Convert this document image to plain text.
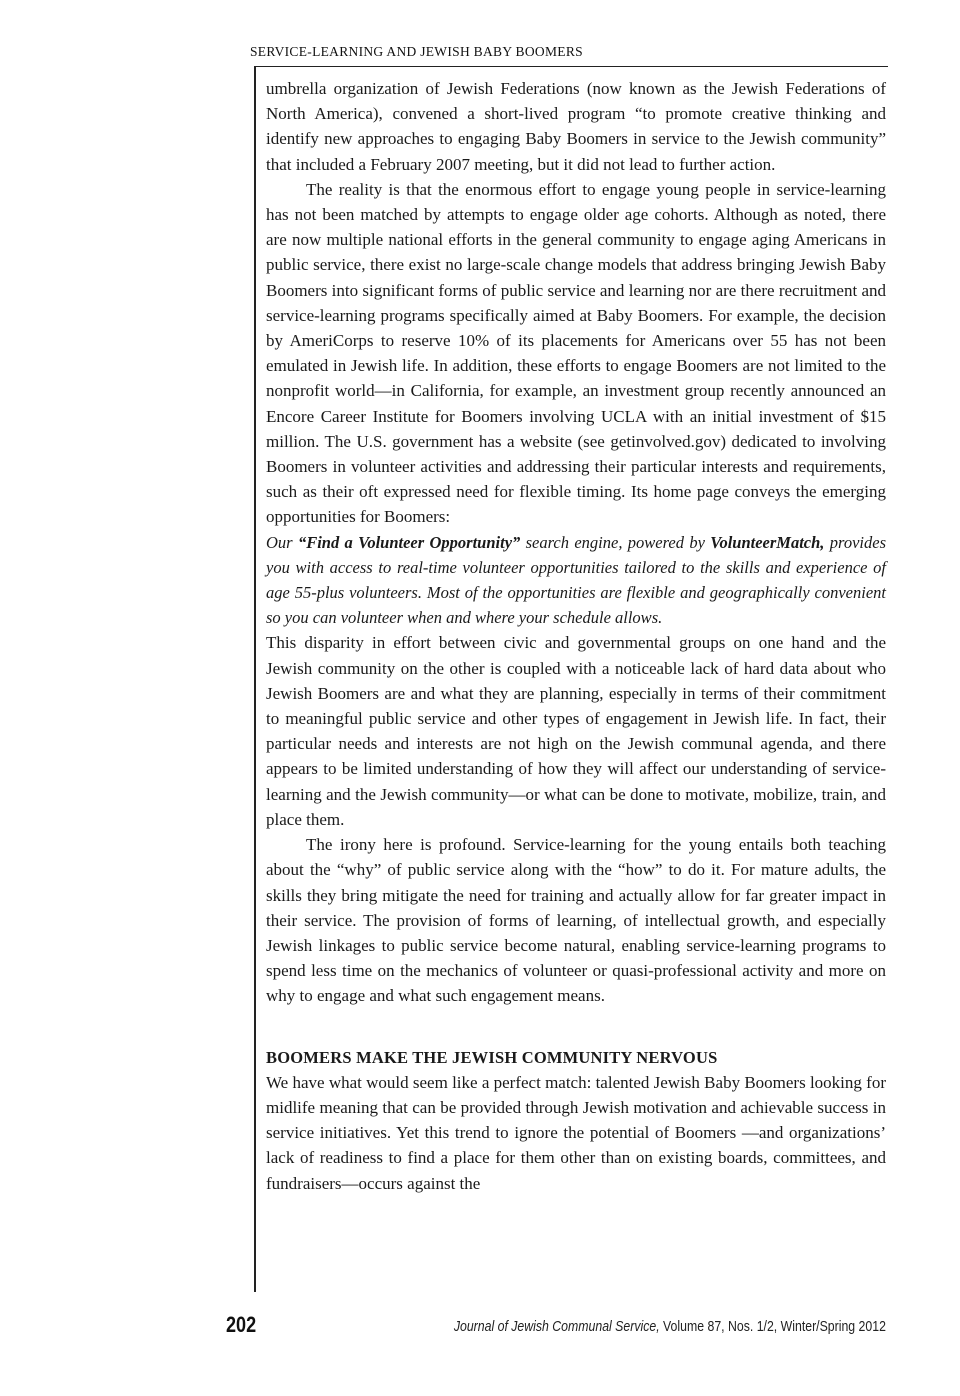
SERVICE-LEARNING AND JEWISH BABY BOOMERS

umbrella organization of Jewish Federations (now known as the Jewish Federations of North America), convened a short-lived program “to promote creative thinking and identify new approaches to engaging Baby Boomers in service to the Jewish community” that included a February 2007 meeting, but it did not lead to further action.

The reality is that the enormous effort to engage young people in service-learning has not been matched by attempts to engage older age cohorts. Although as noted, there are now multiple national efforts in the general community to engage aging Americans in public service, there exist no large-scale change models that address bringing Jewish Baby Boomers into significant forms of public service and learning nor are there recruitment and service-learning programs specifically aimed at Baby Boomers. For example, the decision by AmeriCorps to reserve 10% of its placements for Americans over 55 has not been emulated in Jewish life. In addition, these efforts to engage Boomers are not limited to the nonprofit world—in California, for example, an investment group recently announced an Encore Career Institute for Boomers involving UCLA with an initial investment of $15 million. The U.S. government has a website (see getinvolved.gov) dedicated to involving Boomers in volunteer activities and addressing their particular interests and requirements, such as their oft expressed need for flexible timing. Its home page conveys the emerging opportunities for Boomers:

Our “Find a Volunteer Opportunity” search engine, powered by VolunteerMatch, provides you with access to real-time volunteer opportunities tailored to the skills and experience of age 55-plus volunteers. Most of the opportunities are flexible and geographically convenient so you can volunteer when and where your schedule allows.

This disparity in effort between civic and governmental groups on one hand and the Jewish community on the other is coupled with a noticeable lack of hard data about who Jewish Boomers are and what they are planning, especially in terms of their commitment to meaningful public service and other types of engagement in Jewish life. In fact, their particular needs and interests are not high on the Jewish communal agenda, and there appears to be limited understanding of how they will affect our understanding of service-learning and the Jewish community—or what can be done to motivate, mobilize, train, and place them.

The irony here is profound. Service-learning for the young entails both teaching about the “why” of public service along with the “how” to do it. For mature adults, the skills they bring mitigate the need for training and actually allow for far greater impact in their service. The provision of forms of learning, of intellectual growth, and especially Jewish linkages to public service become natural, enabling service-learning programs to spend less time on the mechanics of volunteer or quasi-professional activity and more on why to engage and what such engagement means.

BOOMERS MAKE THE JEWISH COMMUNITY NERVOUS

We have what would seem like a perfect match: talented Jewish Baby Boomers looking for midlife meaning that can be provided through Jewish motivation and achievable success in service initiatives. Yet this trend to ignore the potential of Boomers —and organizations’ lack of readiness to find a place for them other than on existing boards, committees, and fundraisers—occurs against the

202	Journal of Jewish Communal Service, Volume 87, Nos. 1/2, Winter/Spring 2012
